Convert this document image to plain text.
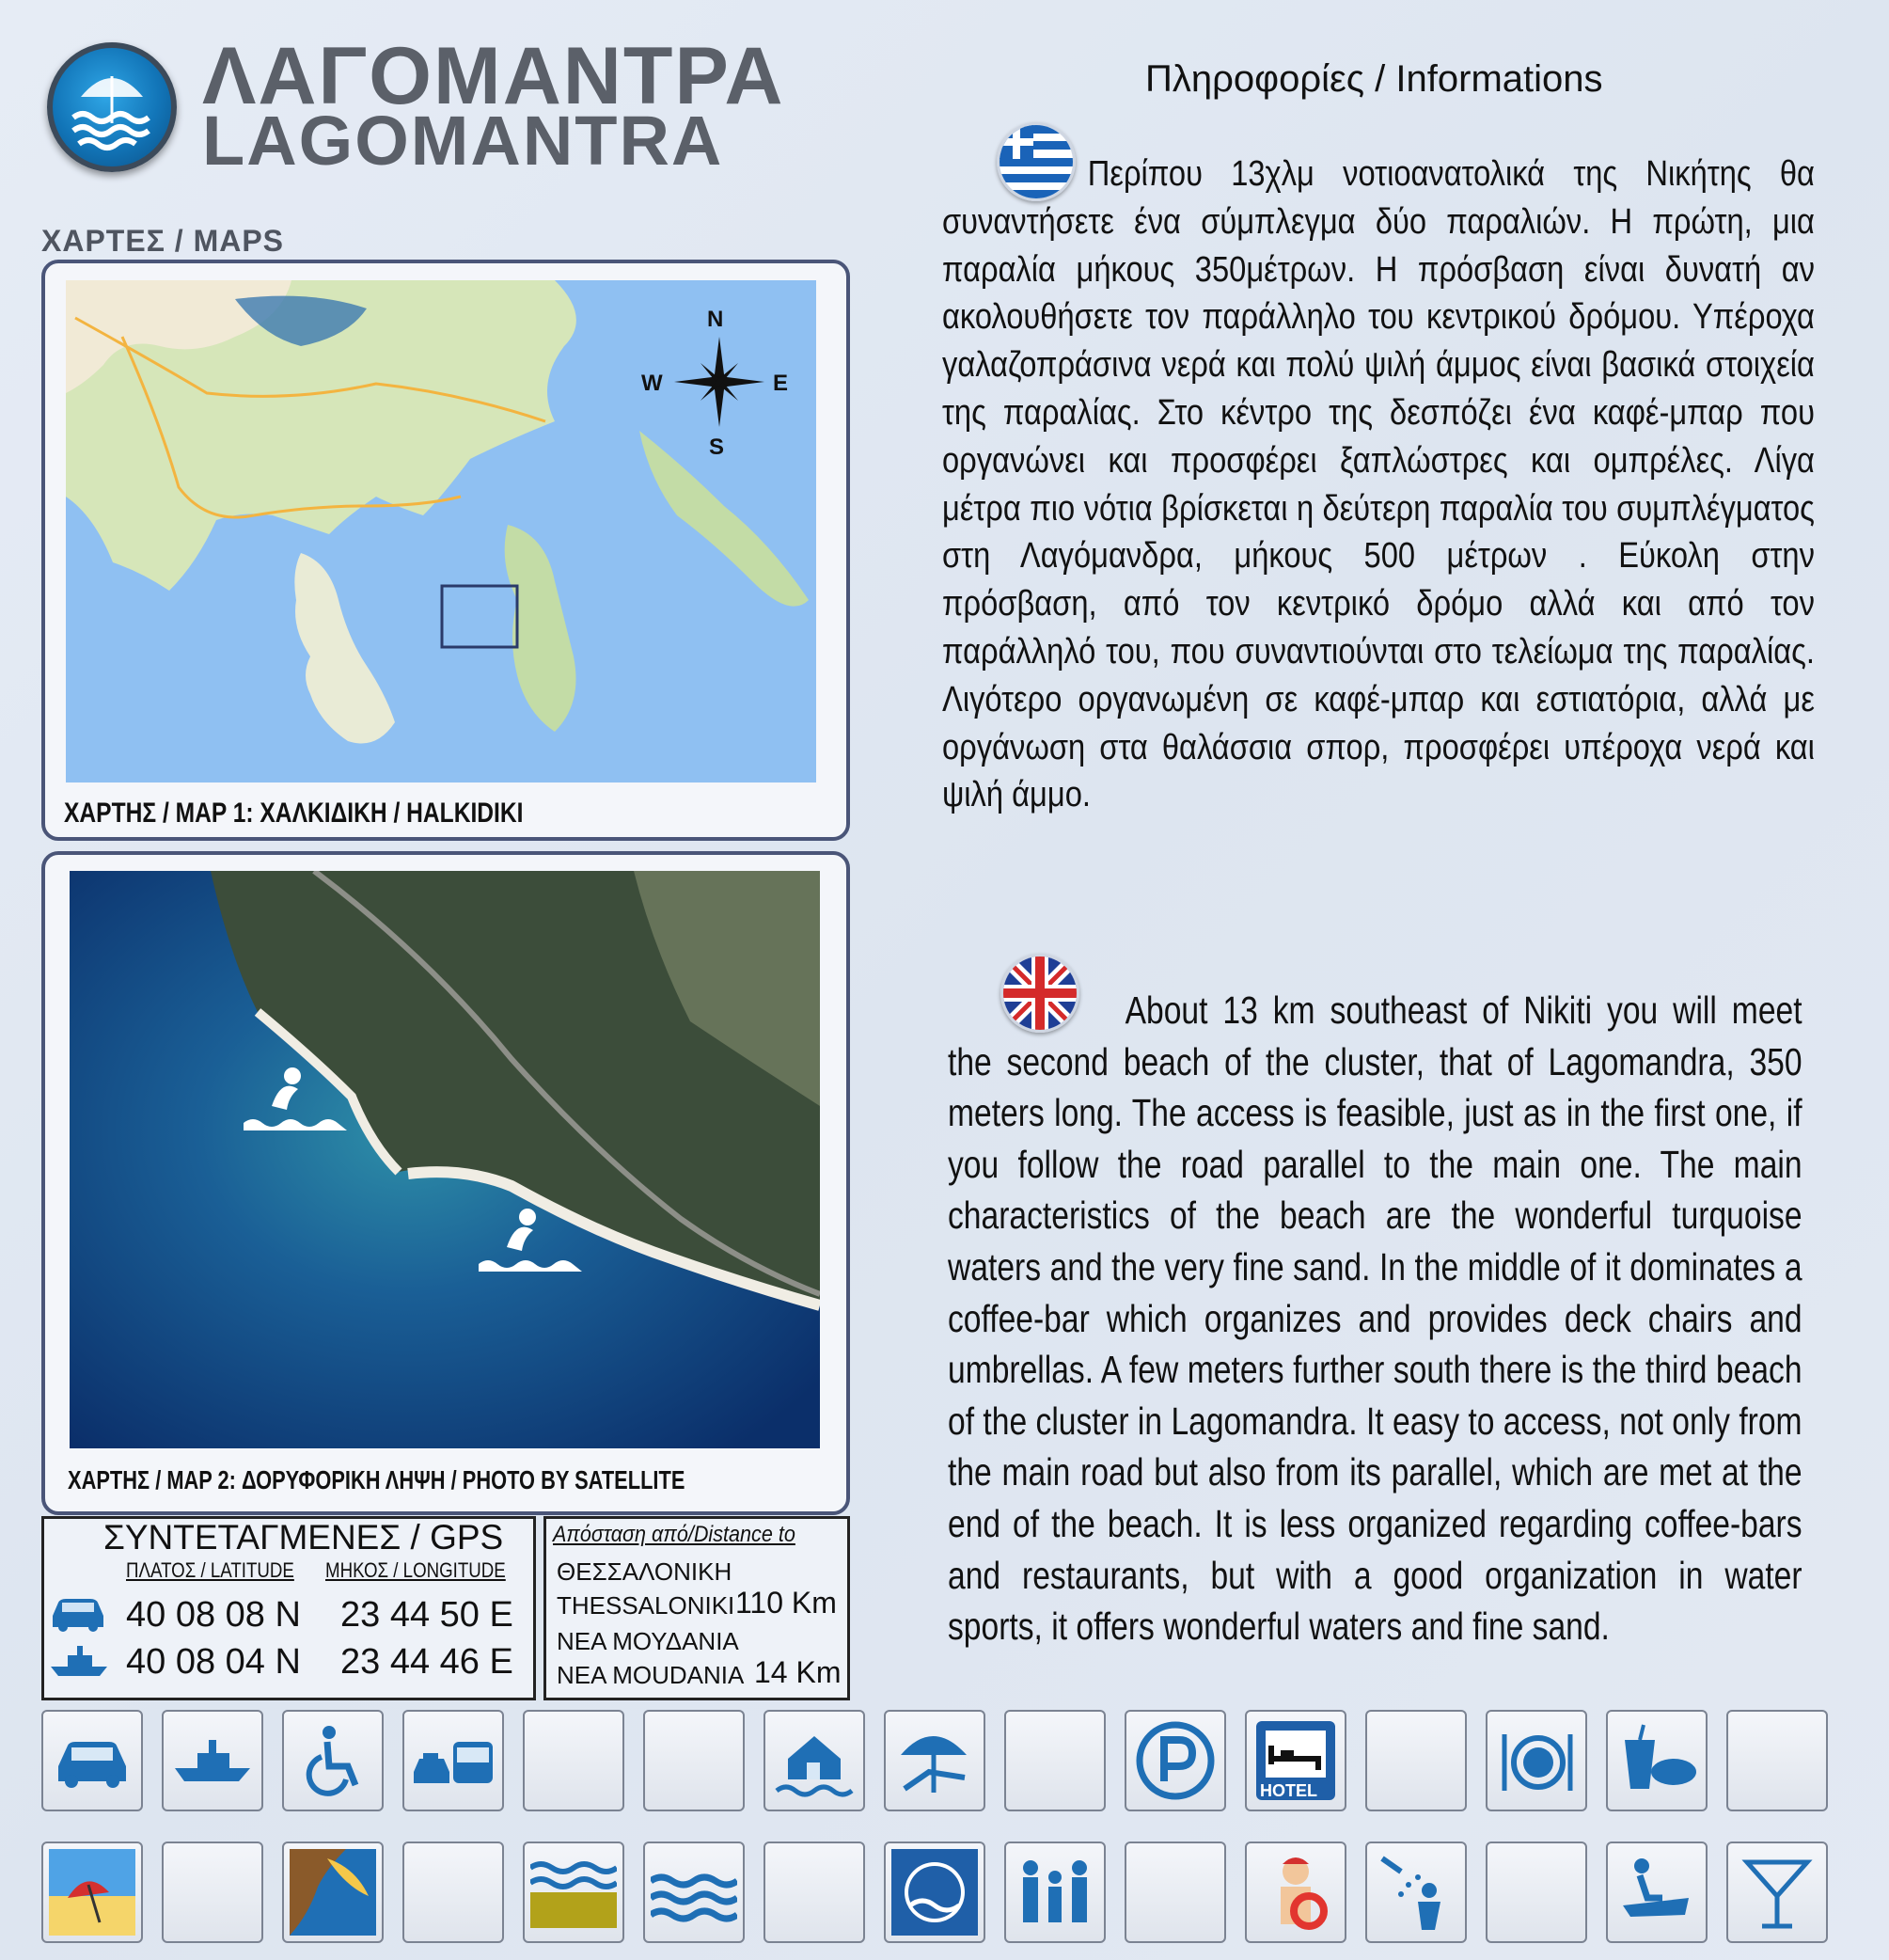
ΛΑΓΟΜΑΝΤΡΑ
LAGOMANTRA
ΧΑΡΤΕΣ / MAPS
N
S
E
W
ΧΑΡΤΗΣ / MAP 1: ΧΑΛΚΙΔΙΚΗ / HALKIDIKI
ΧΑΡΤΗΣ / MAP 2: ΔΟΡΥΦΟΡΙΚΗ ΛΗΨΗ / PHOTO BY SATELLITE
ΣΥΝΤΕΤΑΓΜΕΝΕΣ / GPS
ΠΛΑΤΟΣ / LATITUDE ΜΗΚΟΣ / LONGITUDE
40 08 08 N 23 44 50 E
40 08 04 N 23 44 46 E
Απόσταση από/Distance to
ΘΕΣΣΑΛΟΝΙΚΗ
THESSALONIKI 110 Km
ΝΕΑ ΜΟΥΔΑΝΙΑ
NEA MOUDANIA 14 Km
Πληροφορίες / Informations
Περίπου 13χλμ νοτιοανατολικά της Νικήτης θα συναντήσετε ένα σύμπλεγμα δύο παραλιών. Η πρώτη, μια παραλία μήκους 350μέτρων. Η πρόσβαση είναι δυνατή αν ακολουθήσετε τον παράλληλο του κεντρικού δρόμου. Υπέροχα γαλαζοπράσινα νερά και πολύ ψιλή άμμος είναι βασικά στοιχεία της παραλίας. Στο κέντρο της δεσπόζει ένα καφέ-μπαρ που οργανώνει και προσφέρει ξαπλώστρες και ομπρέλες. Λίγα μέτρα πιο νότια βρίσκεται η δεύτερη παραλία του συμπλέγματος στη Λαγόμανδρα, μήκους 500 μέτρων . Εύκολη στην πρόσβαση, από τον κεντρικό δρόμο αλλά και από τον παράλληλό του, που συναντιούνται στο τελείωμα της παραλίας. Λιγότερο οργανωμένη σε καφέ-μπαρ και εστιατόρια, αλλά με οργάνωση στα θαλάσσια σπορ, προσφέρει υπέροχα νερά και ψιλή άμμο.
About 13 km southeast of Nikiti you will meet the second beach of the cluster, that of Lagomandra, 350 meters long. The access is feasible, just as in the first one, if you follow the road parallel to the main one. The main characteristics of the beach are the wonderful turquoise waters and the very fine sand. In the middle of it dominates a coffee-bar which organizes and provides deck chairs and umbrellas. A few meters further south there is the third beach of the cluster in Lagomandra. It easy to access, not only from the main road but also from its parallel, which are met at the end of the beach. It is less organized regarding coffee-bars and restaurants, but with a good organization in water sports, it offers wonderful waters and fine sand.
HOTEL
